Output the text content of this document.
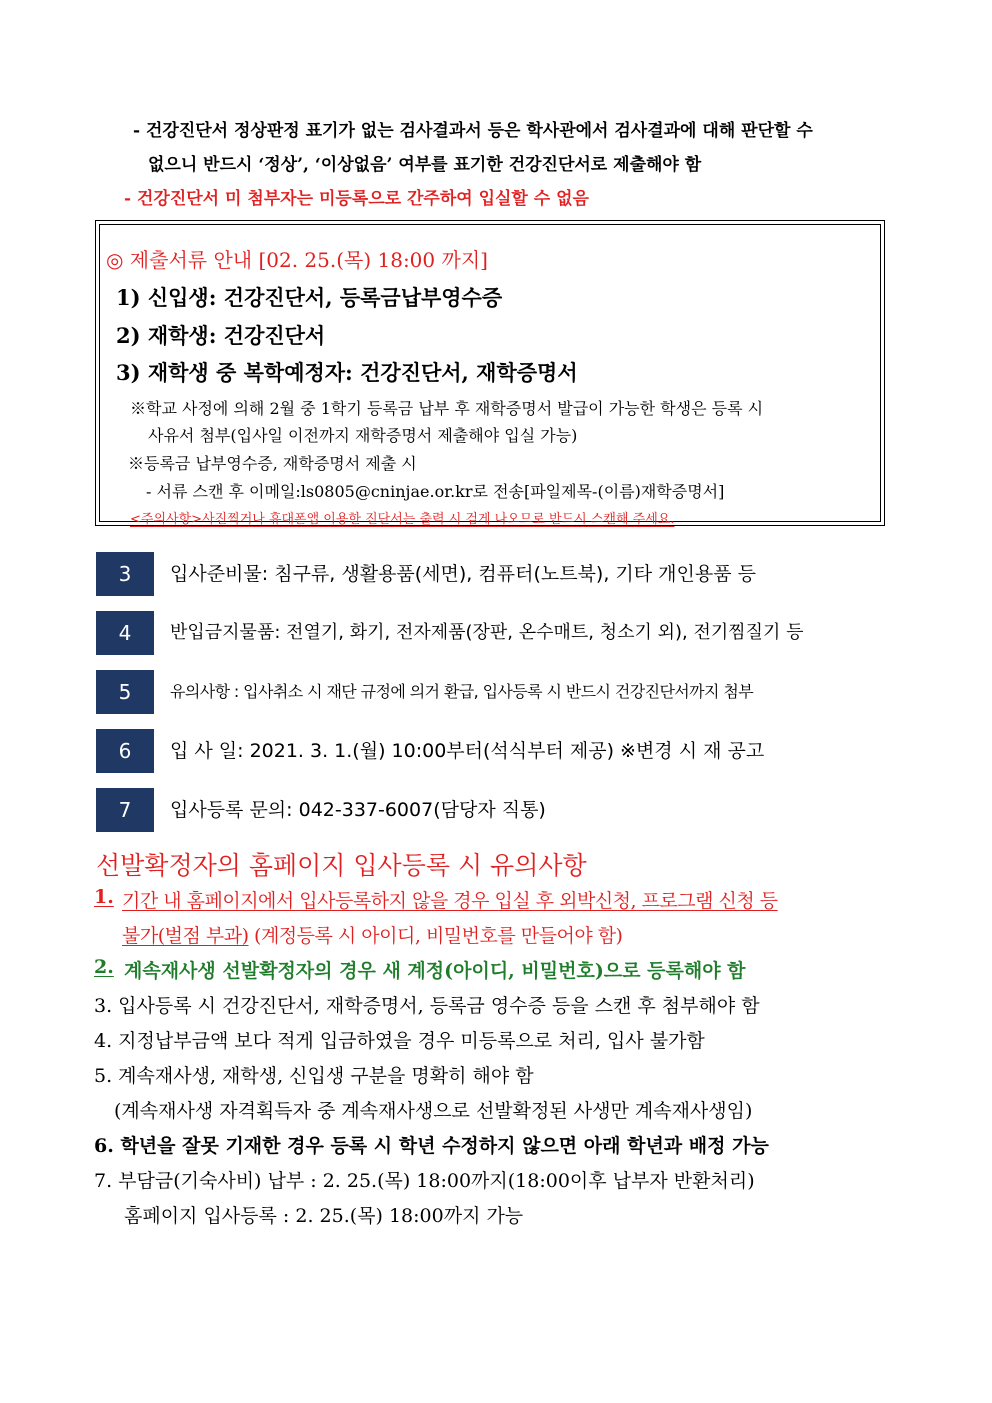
- 건강진단서 정상판정 표기가 없는 검사결과서 등은 학사관에서 검사결과에 대해 판단할 수
없으니 반드시 ‘정상’, ‘이상없음’ 여부를 표기한 건강진단서로 제출해야 함
- 건강진단서 미 첨부자는 미등록으로 간주하여 입실할 수 없음
◎ 제출서류 안내 [02. 25.(목) 18:00 까지]
1) 신입생: 건강진단서, 등록금납부영수증
2) 재학생: 건강진단서
3) 재학생 중 복학예정자: 건강진단서, 재학증명서
※학교 사정에 의해 2월 중 1학기 등록금 납부 후 재학증명서 발급이 가능한 학생은 등록 시
사유서 첨부(입사일 이전까지 재학증명서 제출해야 입실 가능)
※등록금 납부영수증, 재학증명서 제출 시
- 서류 스캔 후 이메일:ls0805@cninjae.or.kr로 전송[파일제목-(이름)재학증명서]
<주의사항>사진찍거나 휴대폰앱 이용한 진단서는 출력 시 검게 나오므로 반드시 스캔해 주세요.
3	입사준비물: 침구류, 생활용품(세면), 컴퓨터(노트북), 기타 개인용품 등
4	반입금지물품: 전열기, 화기, 전자제품(장판, 온수매트, 청소기 외), 전기찜질기 등
5	유의사항 : 입사취소 시 재단 규정에 의거 환급, 입사등록 시 반드시 건강진단서까지 첨부
6	입 사 일: 2021. 3. 1.(월) 10:00부터(석식부터 제공) ※변경 시 재 공고
7	입사등록 문의: 042-337-6007(담당자 직통)
선발확정자의 홈페이지 입사등록 시 유의사항
1. 기간 내 홈페이지에서 입사등록하지 않을 경우 입실 후 외박신청, 프로그램 신청 등
불가(벌점 부과) (계정등록 시 아이디, 비밀번호를 만들어야 함)
2. 계속재사생 선발확정자의 경우 새 계정(아이디, 비밀번호)으로 등록해야 함
3. 입사등록 시 건강진단서, 재학증명서, 등록금 영수증 등을 스캔 후 첨부해야 함
4. 지정납부금액 보다 적게 입금하였을 경우 미등록으로 처리, 입사 불가함
5. 계속재사생, 재학생, 신입생 구분을 명확히 해야 함
(계속재사생 자격획득자 중 계속재사생으로 선발확정된 사생만 계속재사생임)
6. 학년을 잘못 기재한 경우 등록 시 학년 수정하지 않으면 아래 학년과 배정 가능
7. 부담금(기숙사비) 납부 : 2. 25.(목) 18:00까지(18:00이후 납부자 반환처리)
홈페이지 입사등록 : 2. 25.(목) 18:00까지 가능
